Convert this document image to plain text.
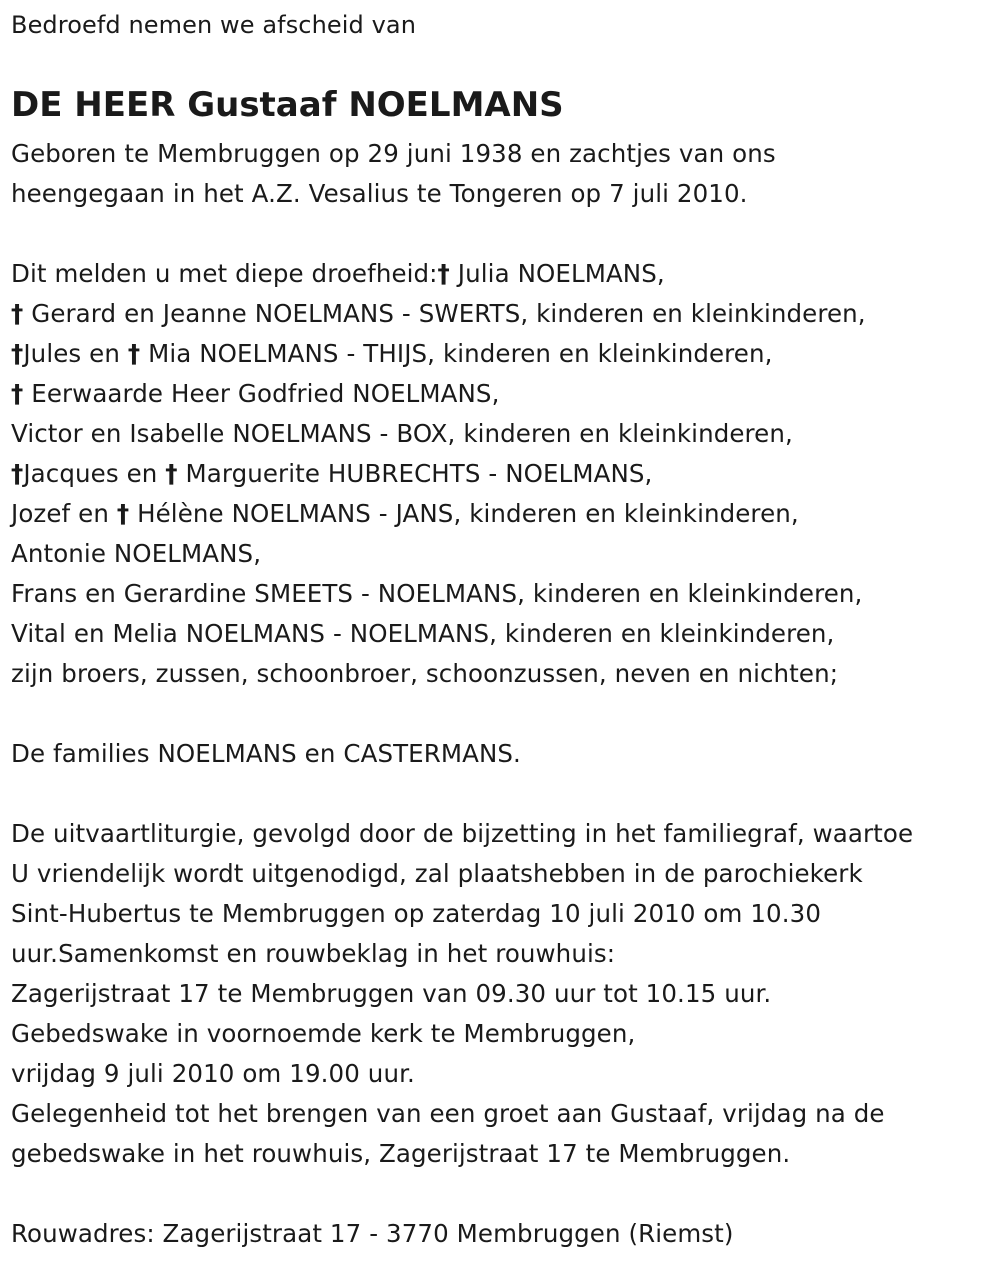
Bedroefd nemen we afscheid van
DE HEER Gustaaf NOELMANS
Geboren te Membruggen op 29 juni 1938 en zachtjes van ons
heengegaan in het A.Z. Vesalius te Tongeren op 7 juli 2010.
Dit melden u met diepe droefheid:† Julia NOELMANS,
† Gerard en Jeanne NOELMANS - SWERTS, kinderen en kleinkinderen,
†Jules en † Mia NOELMANS - THIJS, kinderen en kleinkinderen,
† Eerwaarde Heer Godfried NOELMANS,
Victor en Isabelle NOELMANS - BOX, kinderen en kleinkinderen,
†Jacques en † Marguerite HUBRECHTS - NOELMANS,
Jozef en † Hélène NOELMANS - JANS, kinderen en kleinkinderen,
Antonie NOELMANS,
Frans en Gerardine SMEETS - NOELMANS, kinderen en kleinkinderen,
Vital en Melia NOELMANS - NOELMANS, kinderen en kleinkinderen,
zijn broers, zussen, schoonbroer, schoonzussen, neven en nichten;
De families NOELMANS en CASTERMANS.
De uitvaartliturgie, gevolgd door de bijzetting in het familiegraf, waartoe
U vriendelijk wordt uitgenodigd, zal plaatshebben in de parochiekerk
Sint-Hubertus te Membruggen op zaterdag 10 juli 2010 om 10.30
uur.Samenkomst en rouwbeklag in het rouwhuis:
Zagerijstraat 17 te Membruggen van 09.30 uur tot 10.15 uur.
Gebedswake in voornoemde kerk te Membruggen,
vrijdag 9 juli 2010 om 19.00 uur.
Gelegenheid tot het brengen van een groet aan Gustaaf, vrijdag na de
gebedswake in het rouwhuis, Zagerijstraat 17 te Membruggen.
Rouwadres: Zagerijstraat 17 - 3770 Membruggen (Riemst)
